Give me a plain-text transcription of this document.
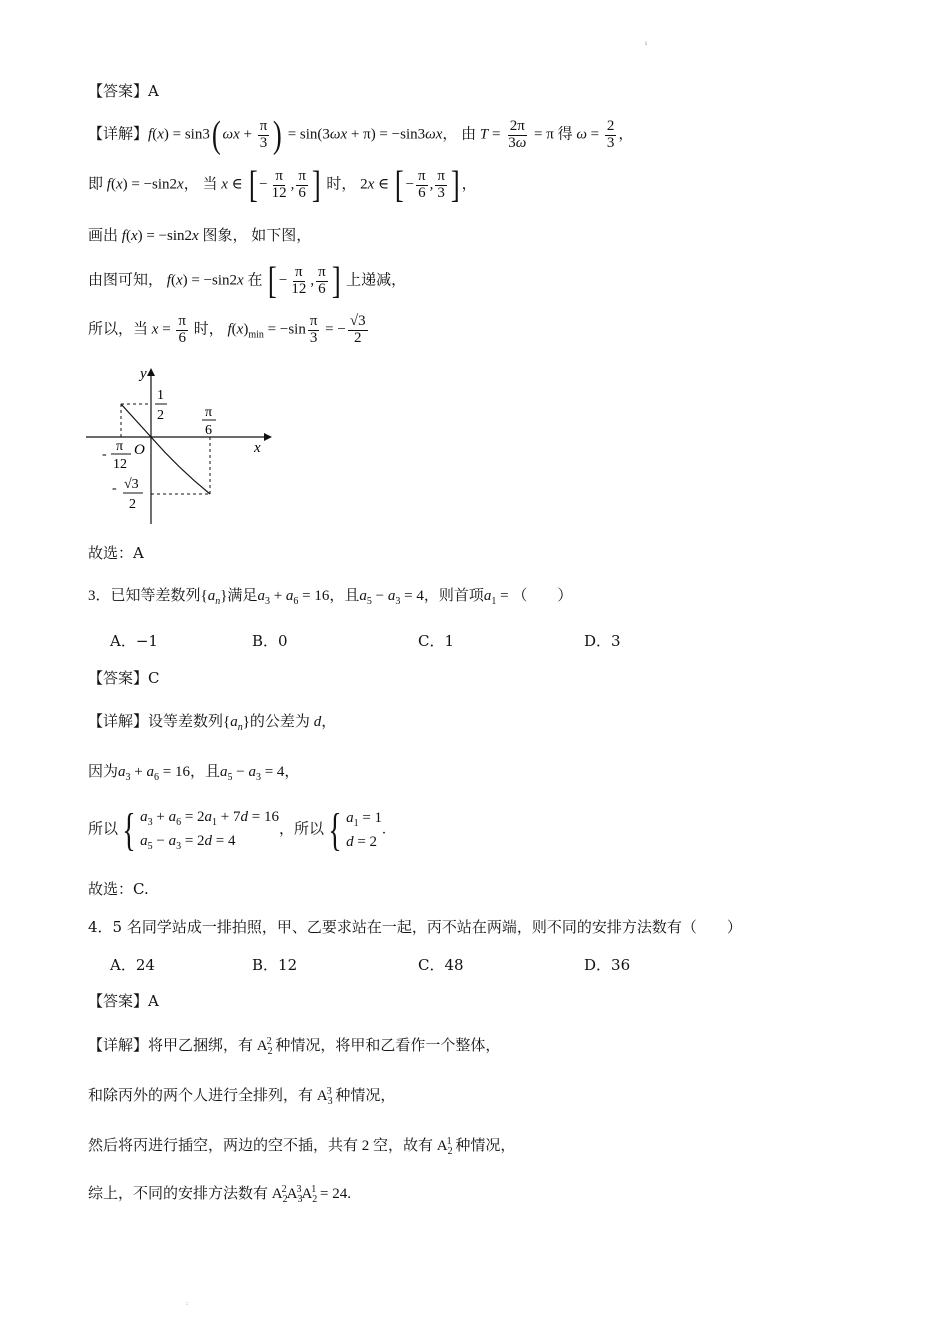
ı
:
【答案】A
【详解】f(x) = sin3( $\omega x + \frac{\pi}{3}$ ) = sin(3ωx + π) = −sin3ωx， 由 $T = \frac{2\pi}{3\omega} = \pi$ 得 $\omega = \frac{2}{3}$ ，
即 f(x) = −sin2x， 当 x ∈ [ − $\frac{\pi}{12}$ , $\frac{\pi}{6}$ ] 时， 2x ∈ [ − $\frac{\pi}{6}$ , $\frac{\pi}{3}$ ] ，
画出 f(x) = −sin2x 图象， 如下图，
由图可知， f(x) = −sin2x 在 [ − $\frac{\pi}{12}$ , $\frac{\pi}{6}$ ] 上递减，
所以，当 $x = \frac{\pi}{6}$ 时， $f(x)_{min} = -\sin \frac{\pi}{3}$ = − $\frac{√3}{2}$
y
x
O
1
2	π
6
-
π
12
- √3
2
故选：A
3．已知等差数列$\{a_n\}$满足$a_3 + a_6 = 16$，且$a_5 - a_3 = 4$，则首项$a_1$ = （　　）
A．−1	B．0	C．1	D．3
【答案】C
【详解】设等差数列$\{a_n\}$的公差为 d，
因为$a_3 + a_6 = 16$，且$a_5 - a_3 = 4$，
所以 { $a_3 + a_6 = 2a_1 + 7d = 16$
$a_5 - a_3 = 2d = 4$
，所以 { $a_1 = 1$
d = 2
.
故选：C.
4．5 名同学站成一排拍照，甲、乙要求站在一起，丙不站在两端，则不同的安排方法数有（　　）
A．24	B．12	C．48	D．36
【答案】A
【详解】将甲乙捆绑，有 $A_2^2$ 种情况，将甲和乙看作一个整体，
和除丙外的两个人进行全排列，有 $A_3^3$ 种情况，
然后将丙进行插空，两边的空不插，共有 2 空，故有 $A_2^1$ 种情况，
综上，不同的安排方法数有 $A_2^2A_3^3A_2^1 = 24$.
